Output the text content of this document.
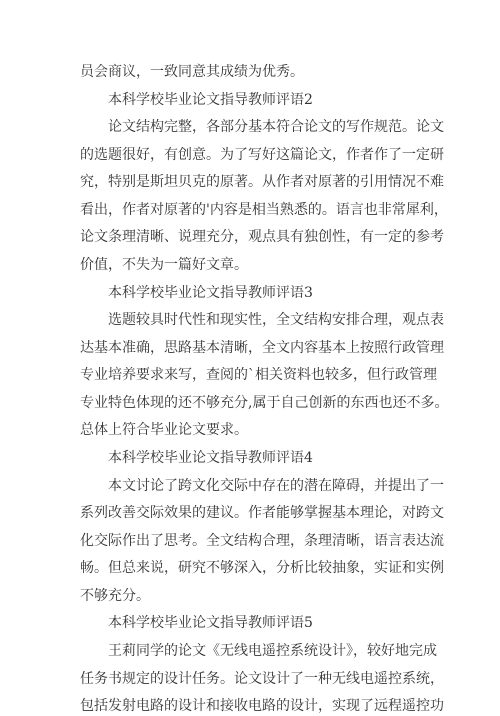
员会商议，一致同意其成绩为优秀。
本科学校毕业论文指导教师评语2
论文结构完整，各部分基本符合论文的写作规范。论文
的选题很好，有创意。为了写好这篇论文，作者作了一定研
究，特别是斯坦贝克的原著。从作者对原著的引用情况不难
看出，作者对原著的'内容是相当熟悉的。语言也非常犀利，
论文条理清晰、说理充分，观点具有独创性，有一定的参考
价值，不失为一篇好文章。
本科学校毕业论文指导教师评语3
选题较具时代性和现实性，全文结构安排合理，观点表
达基本准确，思路基本清晰，全文内容基本上按照行政管理
专业培养要求来写，查阅的`相关资料也较多，但行政管理
专业特色体现的还不够充分,属于自己创新的东西也还不多。
总体上符合毕业论文要求。
本科学校毕业论文指导教师评语4
本文讨论了跨文化交际中存在的潜在障碍，并提出了一
系列改善交际效果的建议。作者能够掌握基本理论，对跨文
化交际作出了思考。全文结构合理，条理清晰，语言表达流
畅。但总来说，研究不够深入，分析比较抽象，实证和实例
不够充分。
本科学校毕业论文指导教师评语5
王莉同学的论文《无线电遥控系统设计》，较好地完成
任务书规定的设计任务。论文设计了一种无线电遥控系统，
包括发射电路的设计和接收电路的设计，实现了远程遥控功
